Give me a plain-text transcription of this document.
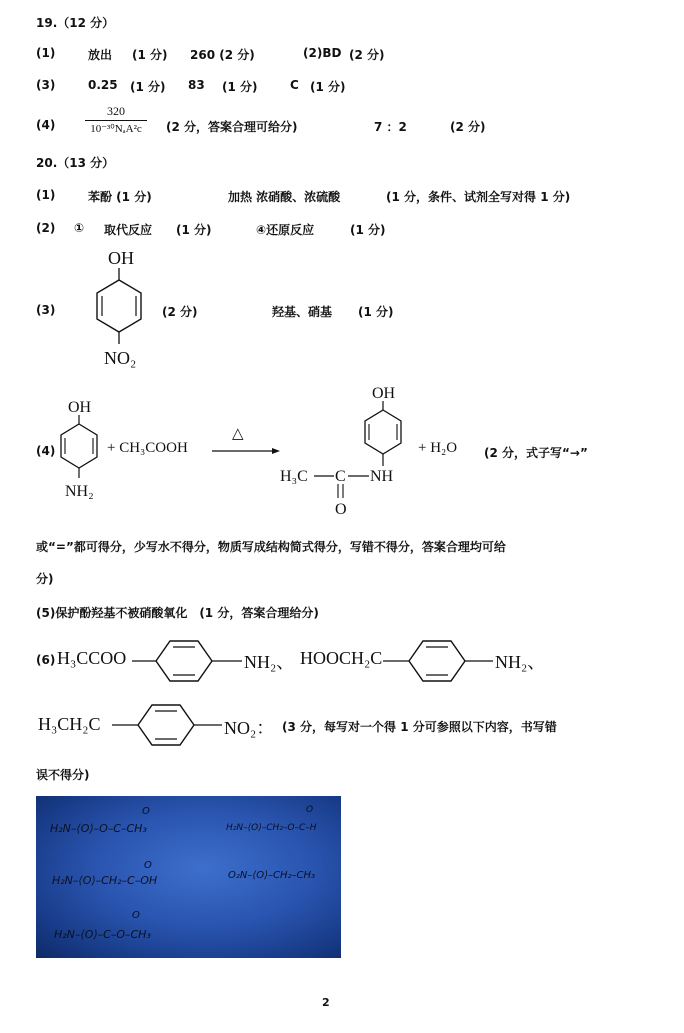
19.（12 分）
(1)	放出 (1 分) 260 (2 分)	(2)BD (2 分)
(3)	0.25 (1 分) 83 (1 分)	C (1 分)
(4)
320
10⁻³⁰NₐA²c	(2 分，答案合理可给分)	7 ：2	(2 分)
20.（13 分）
(1)	苯酚 (1 分)	加热 浓硝酸、浓硫酸	(1 分，条件、试剂全写对得 1 分)
(2) ① 取代反应 (1 分)	④还原反应	(1 分)
(3)
OH
NO₂
(2 分)	羟基、硝基 (1 分)
(4)
OH
NH₂
+ CH₃COOH
△
OH
H₃C C NH
O
+ H₂O (2 分，式子写“→”
或“=”都可得分，少写水不得分，物质写成结构简式得分，写错不得分，答案合理均可给
分)
(5)保护酚羟基不被硝酸氧化　(1 分，答案合理给分)
(6) H₃CCOO	NH₂、 HOOCH₂C	NH₂、
H₃CH₂C	NO₂： (3 分，每写对一个得 1 分可参照以下内容，书写错
误不得分)
O
H₂N–⟨O⟩–O–C–CH₃
O
H₂N–⟨O⟩–CH₂–O–C–H
O
H₂N–⟨O⟩–CH₂–C–OH	O₂N–⟨O⟩–CH₂–CH₃
O
H₂N–⟨O⟩–C–O–CH₃
2
